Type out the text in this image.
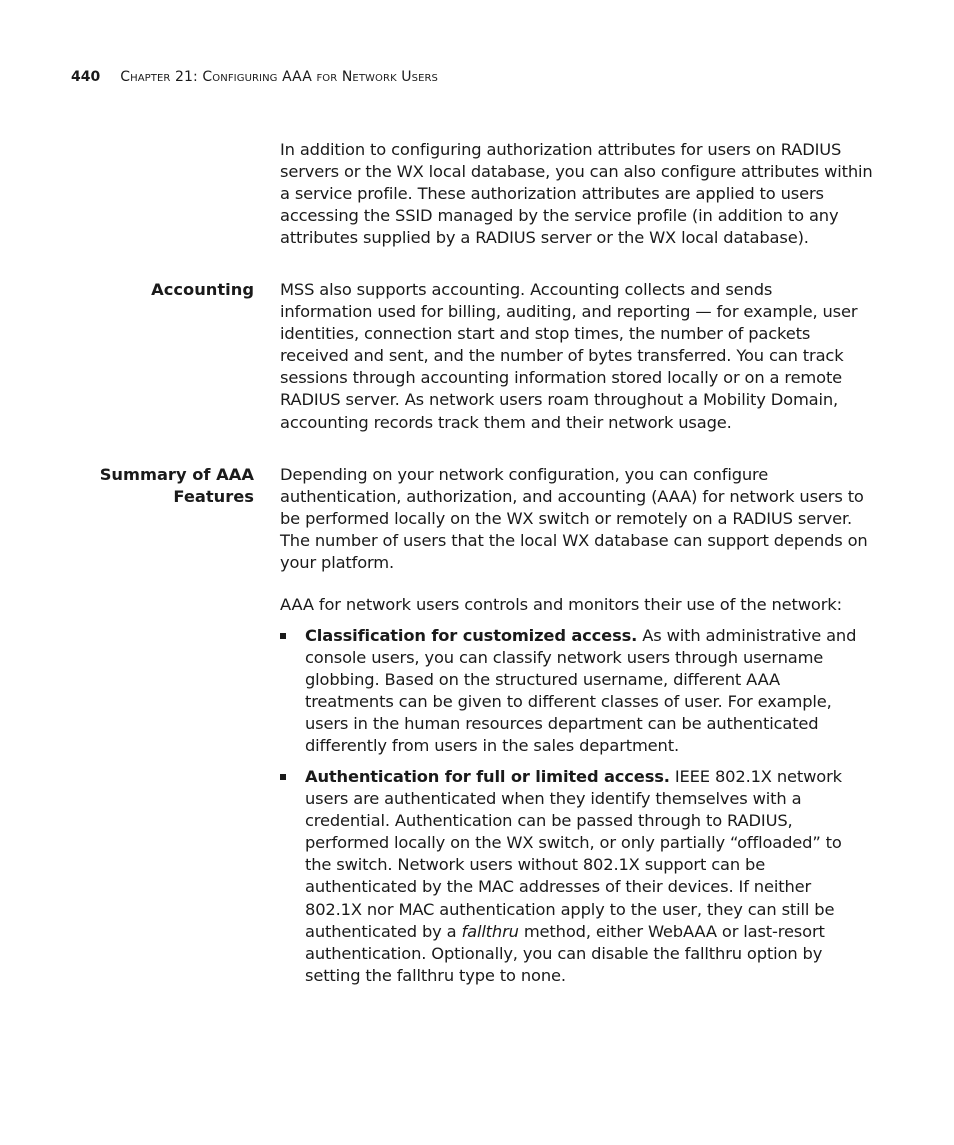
440 Chapter 21: Configuring AAA for Network Users

In addition to configuring authorization attributes for users on RADIUS
servers or the WX local database, you can also configure attributes within
a service profile. These authorization attributes are applied to users
accessing the SSID managed by the service profile (in addition to any
attributes supplied by a RADIUS server or the WX local database).

Accounting MSS also supports accounting. Accounting collects and sends
information used for billing, auditing, and reporting — for example, user
identities, connection start and stop times, the number of packets
received and sent, and the number of bytes transferred. You can track
sessions through accounting information stored locally or on a remote
RADIUS server. As network users roam throughout a Mobility Domain,
accounting records track them and their network usage.

Summary of AAA
Features

Depending on your network configuration, you can configure
authentication, authorization, and accounting (AAA) for network users to
be performed locally on the WX switch or remotely on a RADIUS server.
The number of users that the local WX database can support depends on
your platform.

AAA for network users controls and monitors their use of the network:

Classification for customized access. As with administrative and
console users, you can classify network users through username
globbing. Based on the structured username, different AAA
treatments can be given to different classes of user. For example,
users in the human resources department can be authenticated
differently from users in the sales department.

Authentication for full or limited access. IEEE 802.1X network
users are authenticated when they identify themselves with a
credential. Authentication can be passed through to RADIUS,
performed locally on the WX switch, or only partially “offloaded” to
the switch. Network users without 802.1X support can be
authenticated by the MAC addresses of their devices. If neither
802.1X nor MAC authentication apply to the user, they can still be
authenticated by a fallthru method, either WebAAA or last-resort
authentication. Optionally, you can disable the fallthru option by
setting the fallthru type to none.
